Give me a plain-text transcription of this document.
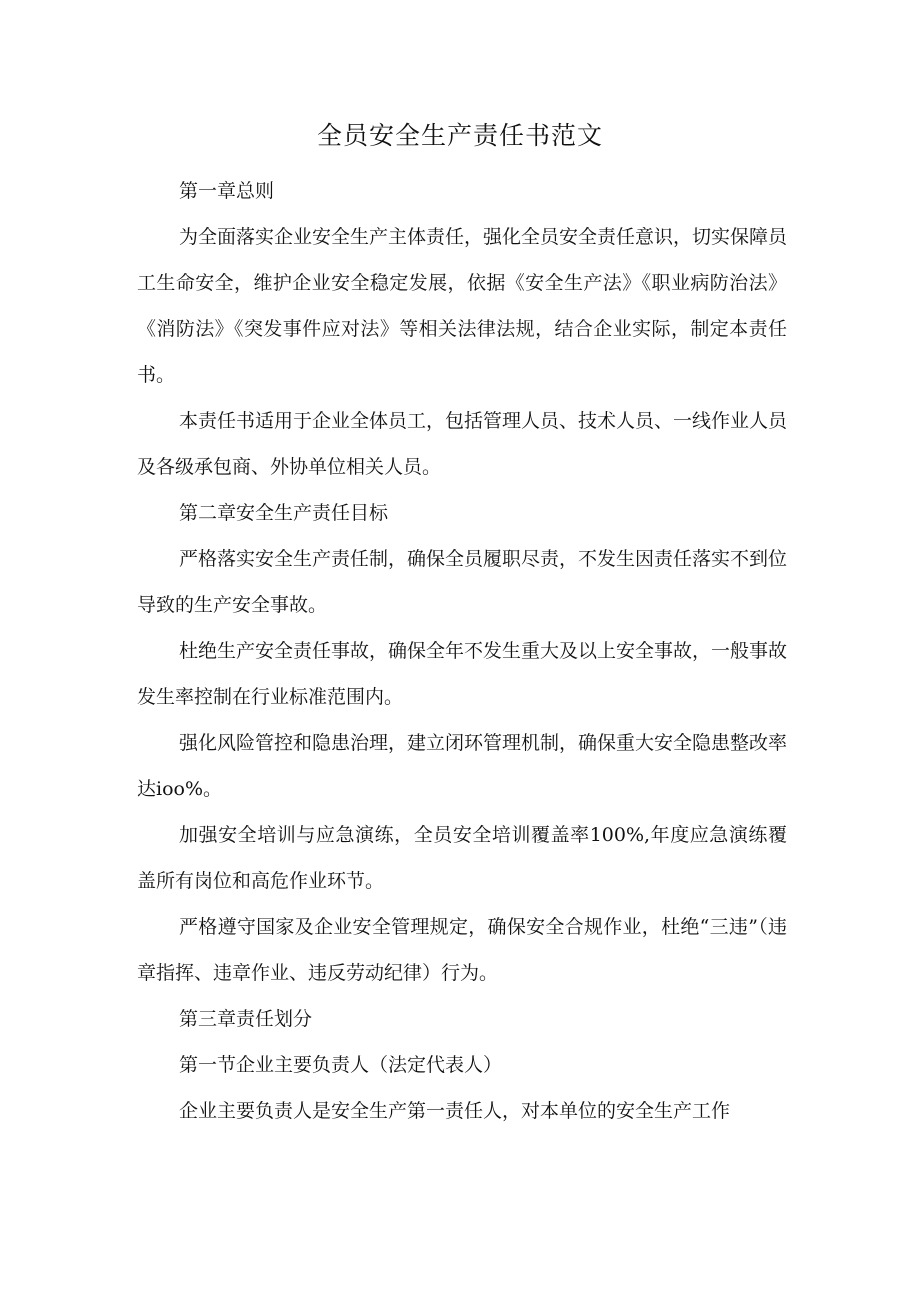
全员安全生产责任书范文

第一章总则

为全面落实企业安全生产主体责任，强化全员安全责任意识，切实保障员工生命安全，维护企业安全稳定发展，依据《安全生产法》《职业病防治法》《消防法》《突发事件应对法》等相关法律法规，结合企业实际，制定本责任书。

本责任书适用于企业全体员工，包括管理人员、技术人员、一线作业人员及各级承包商、外协单位相关人员。

第二章安全生产责任目标

严格落实安全生产责任制，确保全员履职尽责，不发生因责任落实不到位导致的生产安全事故。

杜绝生产安全责任事故，确保全年不发生重大及以上安全事故，一般事故发生率控制在行业标准范围内。

强化风险管控和隐患治理，建立闭环管理机制，确保重大安全隐患整改率达ioo%。

加强安全培训与应急演练，全员安全培训覆盖率100%,年度应急演练覆盖所有岗位和高危作业环节。

严格遵守国家及企业安全管理规定，确保安全合规作业，杜绝“三违”（违章指挥、违章作业、违反劳动纪律）行为。

第三章责任划分

第一节企业主要负责人（法定代表人）

企业主要负责人是安全生产第一责任人，对本单位的安全生产工作
